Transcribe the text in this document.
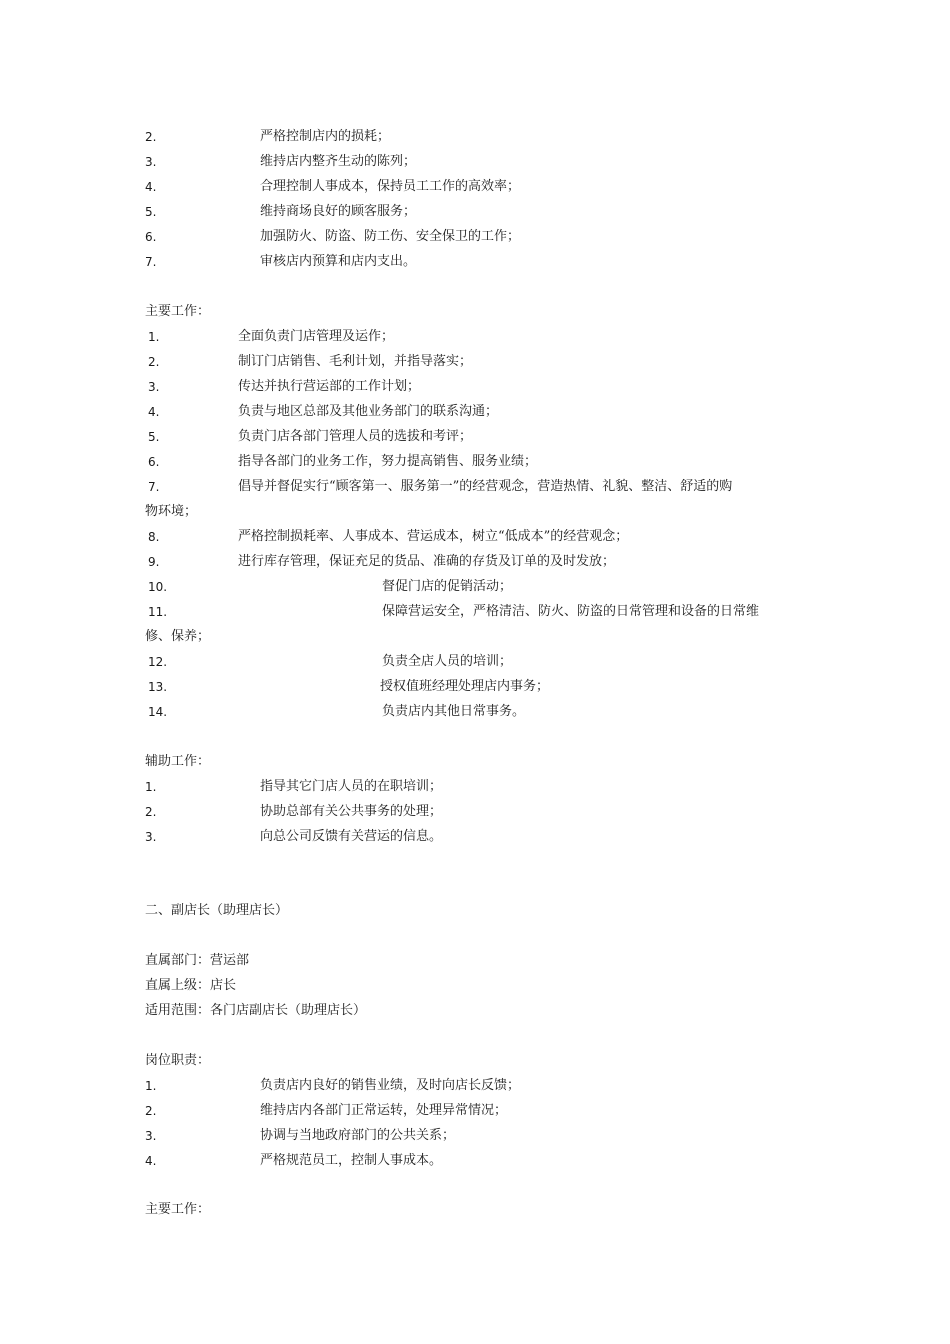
2.	严格控制店内的损耗；
3.	维持店内整齐生动的陈列；
4.	合理控制人事成本，保持员工工作的高效率；
5.	维持商场良好的顾客服务；
6.	加强防火、防盗、防工伤、安全保卫的工作；
7.	审核店内预算和店内支出。
主要工作：
1.	全面负责门店管理及运作；
2.	制订门店销售、毛利计划，并指导落实；
3.	传达并执行营运部的工作计划；
4.	负责与地区总部及其他业务部门的联系沟通；
5.	负责门店各部门管理人员的选拔和考评；
6.	指导各部门的业务工作，努力提高销售、服务业绩；
7.	倡导并督促实行“顾客第一、服务第一”的经营观念，营造热情、礼貌、整洁、舒适的购
物环境；
8.	严格控制损耗率、人事成本、营运成本，树立“低成本”的经营观念；
9.	进行库存管理，保证充足的货品、准确的存货及订单的及时发放；
10.	督促门店的促销活动；
11.	保障营运安全，严格清洁、防火、防盗的日常管理和设备的日常维
修、保养；
12.	负责全店人员的培训；
13.	授权值班经理处理店内事务；
14.	负责店内其他日常事务。
辅助工作：
1.	指导其它门店人员的在职培训；
2.	协助总部有关公共事务的处理；
3.	向总公司反馈有关营运的信息。
二、副店长（助理店长）
直属部门：营运部
直属上级：店长
适用范围：各门店副店长（助理店长）
岗位职责：
1.	负责店内良好的销售业绩，及时向店长反馈；
2.	维持店内各部门正常运转，处理异常情况；
3.	协调与当地政府部门的公共关系；
4.	严格规范员工，控制人事成本。
主要工作：
